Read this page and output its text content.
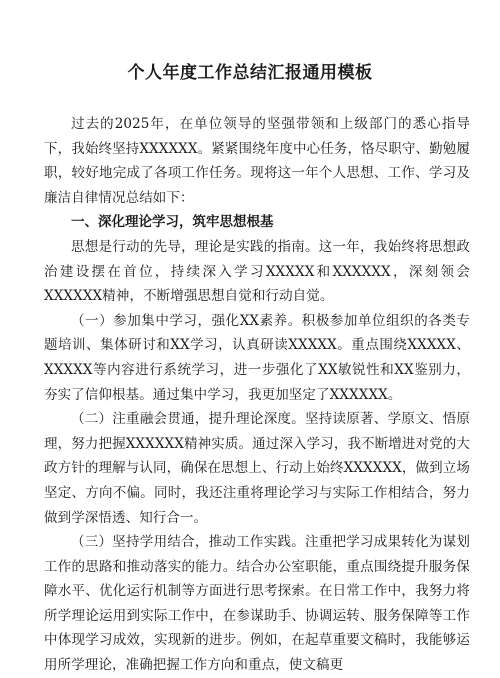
个人年度工作总结汇报通用模板

过去的2025年，在单位领导的坚强带领和上级部门的悉心指导下，我始终坚持XXXXXX。紧紧围绕年度中心任务，恪尽职守、勤勉履职，较好地完成了各项工作任务。现将这一年个人思想、工作、学习及廉洁自律情况总结如下：

一、深化理论学习，筑牢思想根基

思想是行动的先导，理论是实践的指南。这一年，我始终将思想政治建设摆在首位，持续深入学习XXXXX和XXXXXX，深刻领会XXXXXX精神，不断增强思想自觉和行动自觉。

（一）参加集中学习，强化XX素养。积极参加单位组织的各类专题培训、集体研讨和XX学习，认真研读XXXXX。重点围绕XXXXX、XXXXX等内容进行系统学习，进一步强化了XX敏锐性和XX鉴别力，夯实了信仰根基。通过集中学习，我更加坚定了XXXXXX。

（二）注重融会贯通，提升理论深度。坚持读原著、学原文、悟原理，努力把握XXXXXX精神实质。通过深入学习，我不断增进对党的大政方针的理解与认同，确保在思想上、行动上始终XXXXXX，做到立场坚定、方向不偏。同时，我还注重将理论学习与实际工作相结合，努力做到学深悟透、知行合一。

（三）坚持学用结合，推动工作实践。注重把学习成果转化为谋划工作的思路和推动落实的能力。结合办公室职能，重点围绕提升服务保障水平、优化运行机制等方面进行思考探索。在日常工作中，我努力将所学理论运用到实际工作中，在参谋助手、协调运转、服务保障等工作中体现学习成效，实现新的进步。例如，在起草重要文稿时，我能够运用所学理论，准确把握工作方向和重点，使文稿更
